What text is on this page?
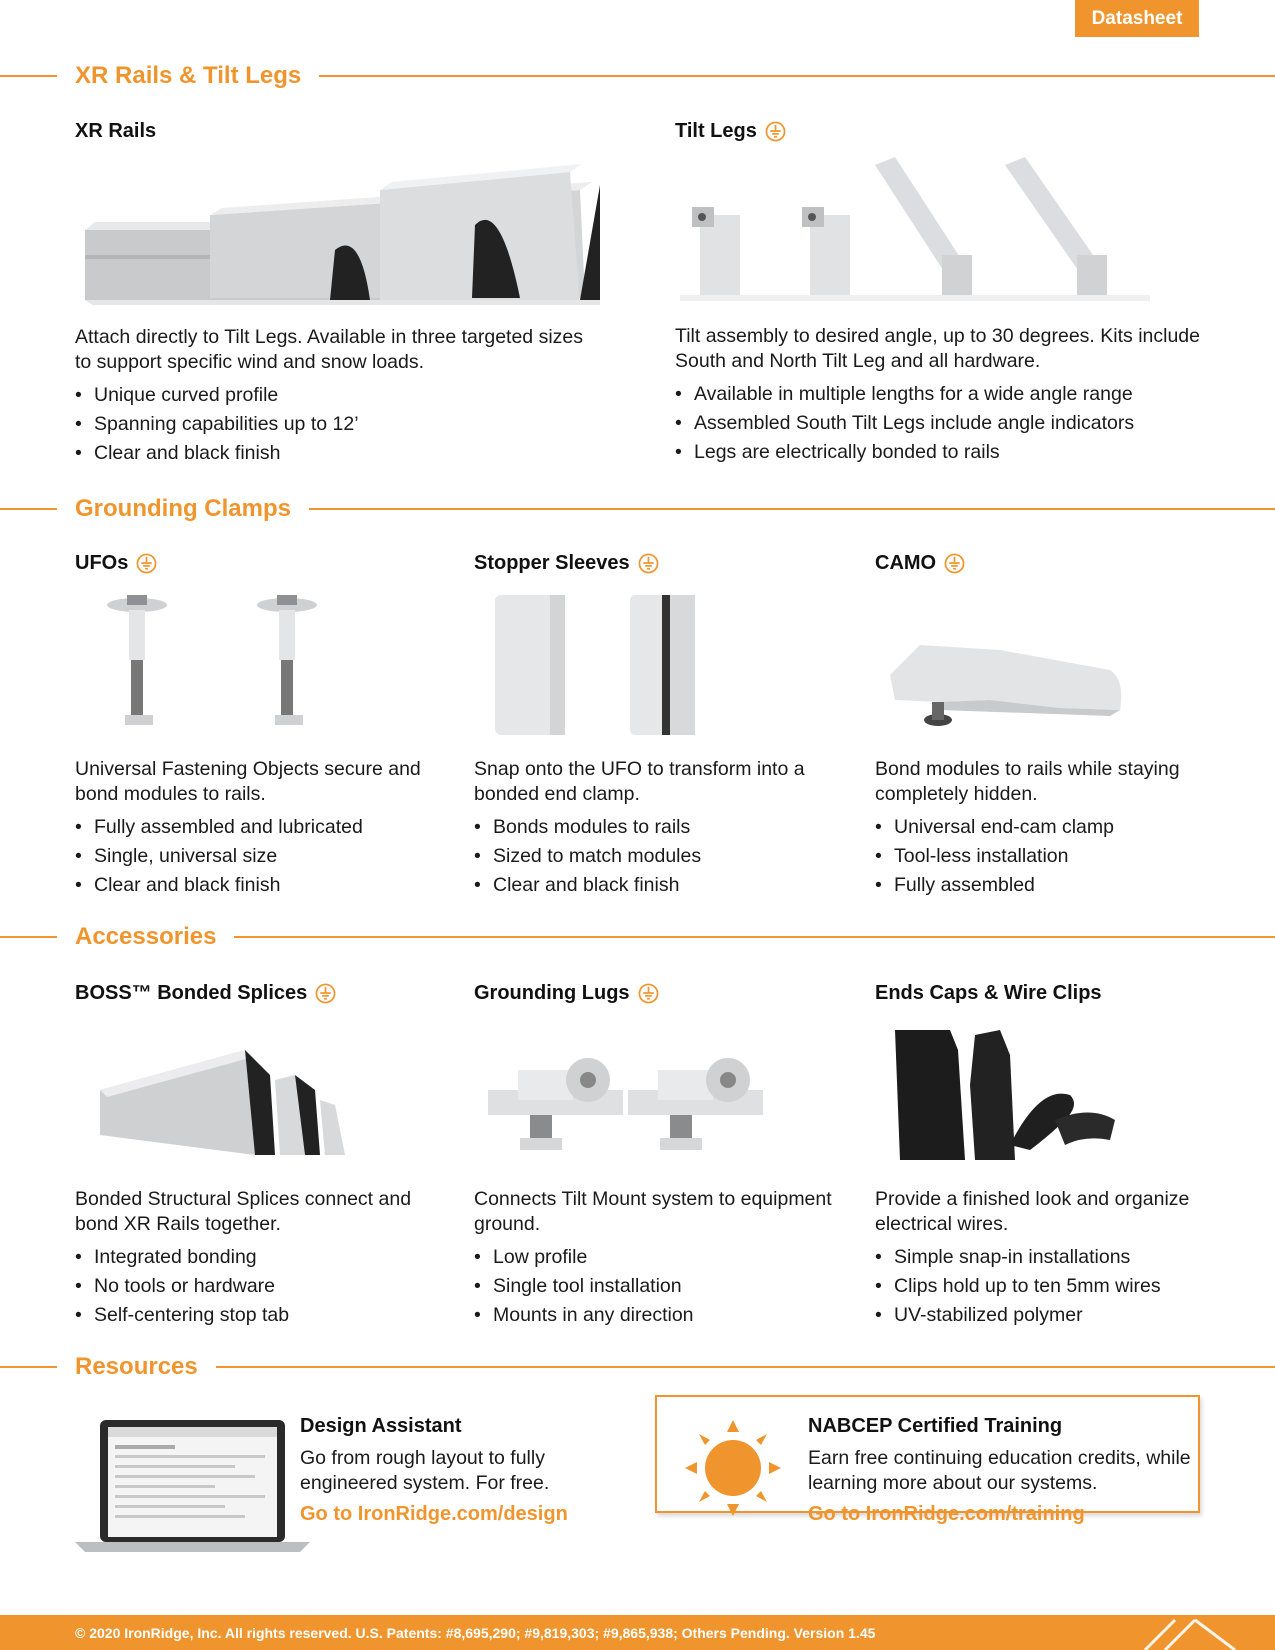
Datasheet
XR Rails & Tilt Legs
XR Rails
Attach directly to Tilt Legs. Available in three targeted sizes to support specific wind and snow loads.
• Unique curved profile
• Spanning capabilities up to 12’
• Clear and black finish
Tilt Legs
Tilt assembly to desired angle, up to 30 degrees. Kits include South and North Tilt Leg and all hardware.
• Available in multiple lengths for a wide angle range
• Assembled South Tilt Legs include angle indicators
• Legs are electrically bonded to rails
Grounding Clamps
UFOs
Universal Fastening Objects secure and bond modules to rails.
• Fully assembled and lubricated
• Single, universal size
• Clear and black finish
Stopper Sleeves
Snap onto the UFO to transform into a bonded end clamp.
• Bonds modules to rails
• Sized to match modules
• Clear and black finish
CAMO
Bond modules to rails while staying completely hidden.
• Universal end-cam clamp
• Tool-less installation
• Fully assembled
Accessories
BOSS™ Bonded Splices
Bonded Structural Splices connect and bond XR Rails together.
• Integrated bonding
• No tools or hardware
• Self-centering stop tab
Grounding Lugs
Connects Tilt Mount system to equipment ground.
• Low profile
• Single tool installation
• Mounts in any direction
Ends Caps & Wire Clips
Provide a finished look and organize electrical wires.
• Simple snap-in installations
• Clips hold up to ten 5mm wires
• UV-stabilized polymer
Resources
Design Assistant
Go from rough layout to fully engineered system. For free.
Go to IronRidge.com/design
NABCEP Certified Training
Earn free continuing education credits, while learning more about our systems.
Go to IronRidge.com/training
© 2020 IronRidge, Inc. All rights reserved. U.S. Patents: #8,695,290; #9,819,303; #9,865,938; Others Pending. Version 1.45
